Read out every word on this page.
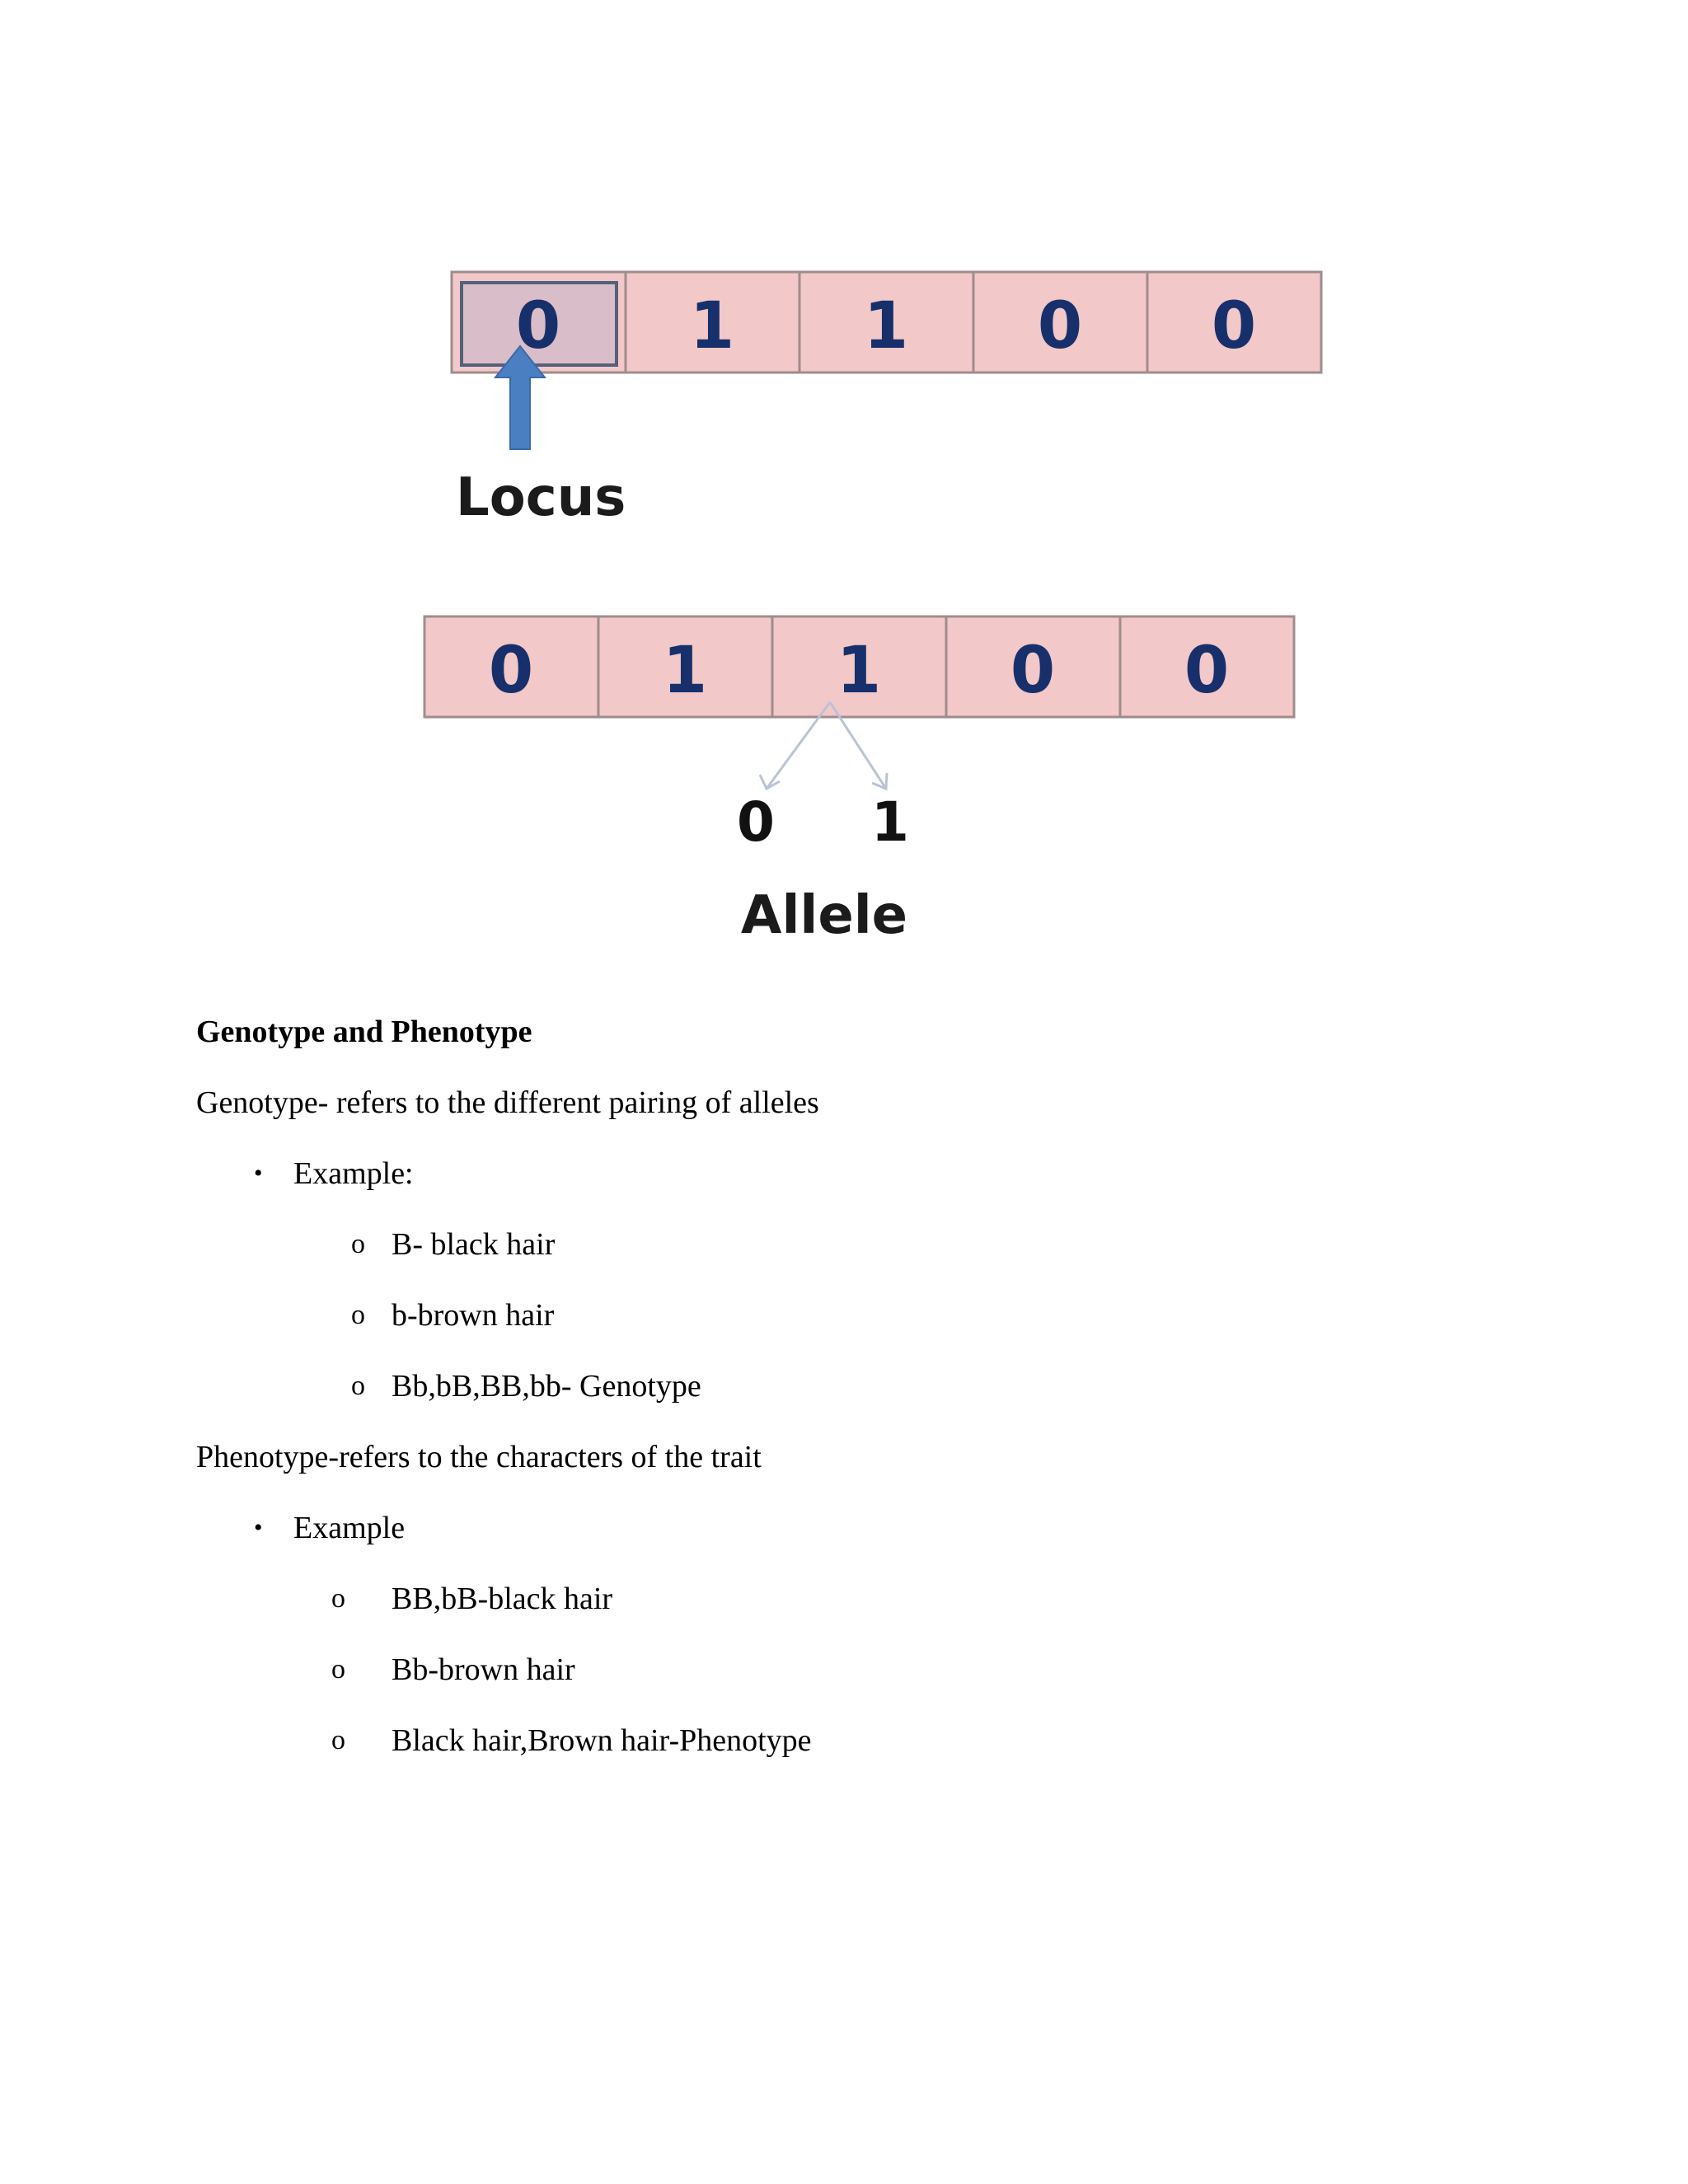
0 1 1 0 0
Locus
0 1 1 0 0
0 1
Allele
Genotype and Phenotype
Genotype- refers to the different pairing of alleles
• Example:
o B- black hair
o b-brown hair
o Bb,bB,BB,bb- Genotype
Phenotype-refers to the characters of the trait
• Example
o BB,bB-black hair
o Bb-brown hair
o Black hair,Brown hair-Phenotype
